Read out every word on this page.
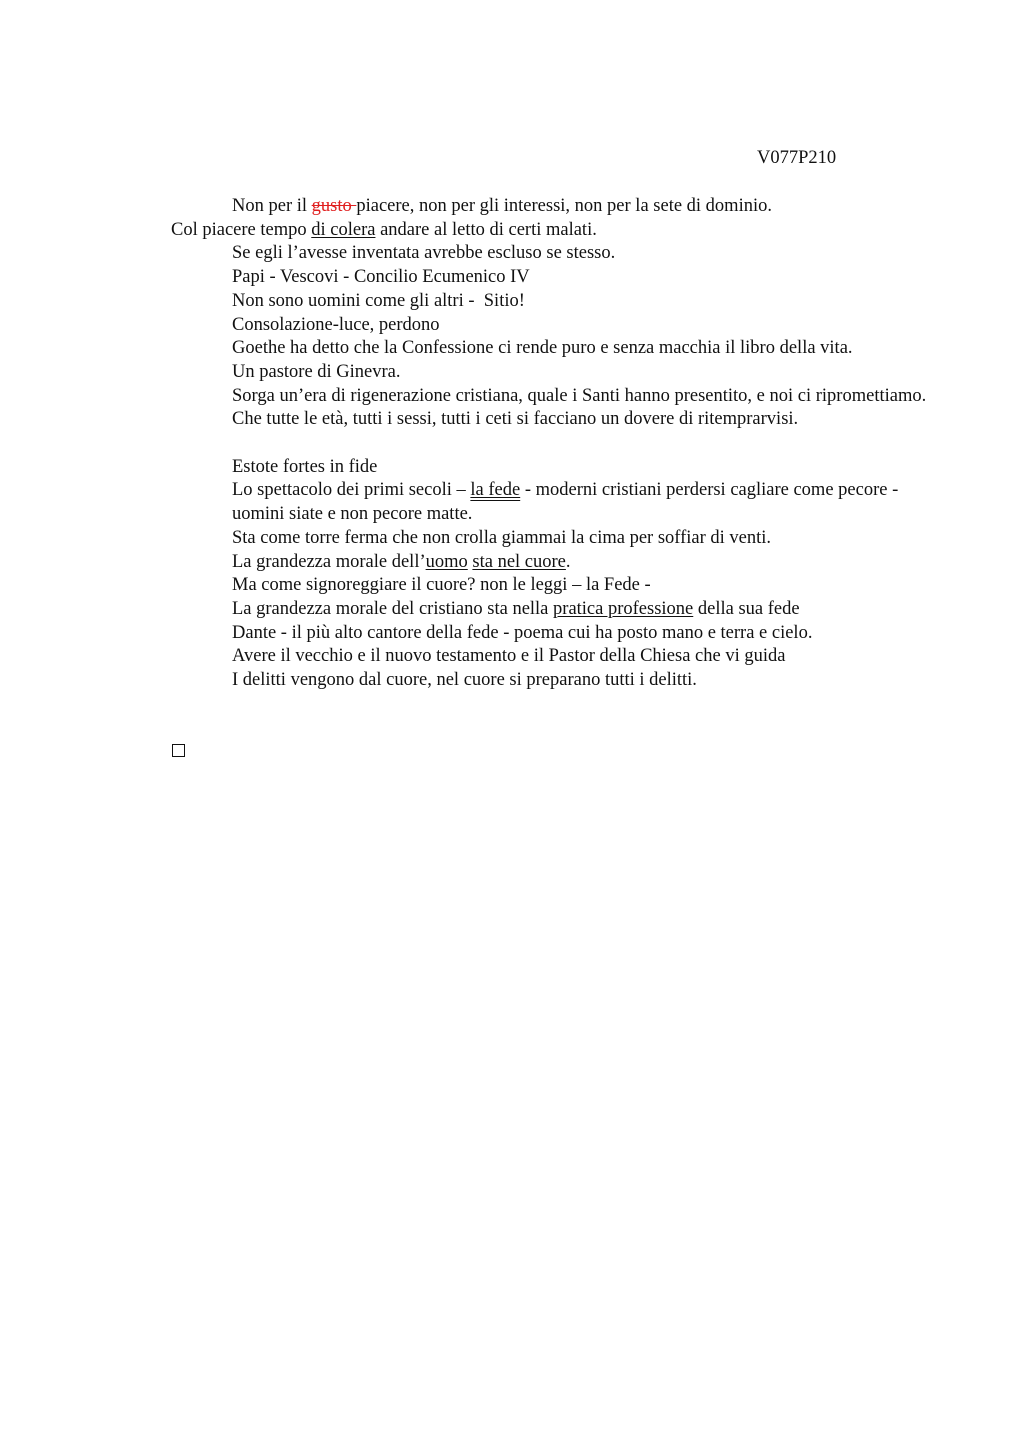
V077P210

Non per il gusto piacere, non per gli interessi, non per la sete di dominio.

Col piacere tempo di colera andare al letto di certi malati.

Se egli l’avesse inventata avrebbe escluso se stesso.

Papi - Vescovi - Concilio Ecumenico IV

Non sono uomini come gli altri -  Sitio!

Consolazione-luce, perdono

Goethe ha detto che la Confessione ci rende puro e senza macchia il libro della vita.

Un pastore di Ginevra.

Sorga un’era di rigenerazione cristiana, quale i Santi hanno presentito, e noi ci ripromettiamo.

Che tutte le età, tutti i sessi, tutti i ceti si facciano un dovere di ritemprarvisi.

Estote fortes in fide

Lo spettacolo dei primi secoli – la fede - moderni cristiani perdersi cagliare come pecore -

uomini siate e non pecore matte.

Sta come torre ferma che non crolla giammai la cima per soffiar di venti.

La grandezza morale dell’uomo sta nel cuore.

Ma come signoreggiare il cuore? non le leggi – la Fede -

La grandezza morale del cristiano sta nella pratica professione della sua fede

Dante - il più alto cantore della fede - poema cui ha posto mano e terra e cielo.

Avere il vecchio e il nuovo testamento e il Pastor della Chiesa che vi guida

I delitti vengono dal cuore, nel cuore si preparano tutti i delitti.
